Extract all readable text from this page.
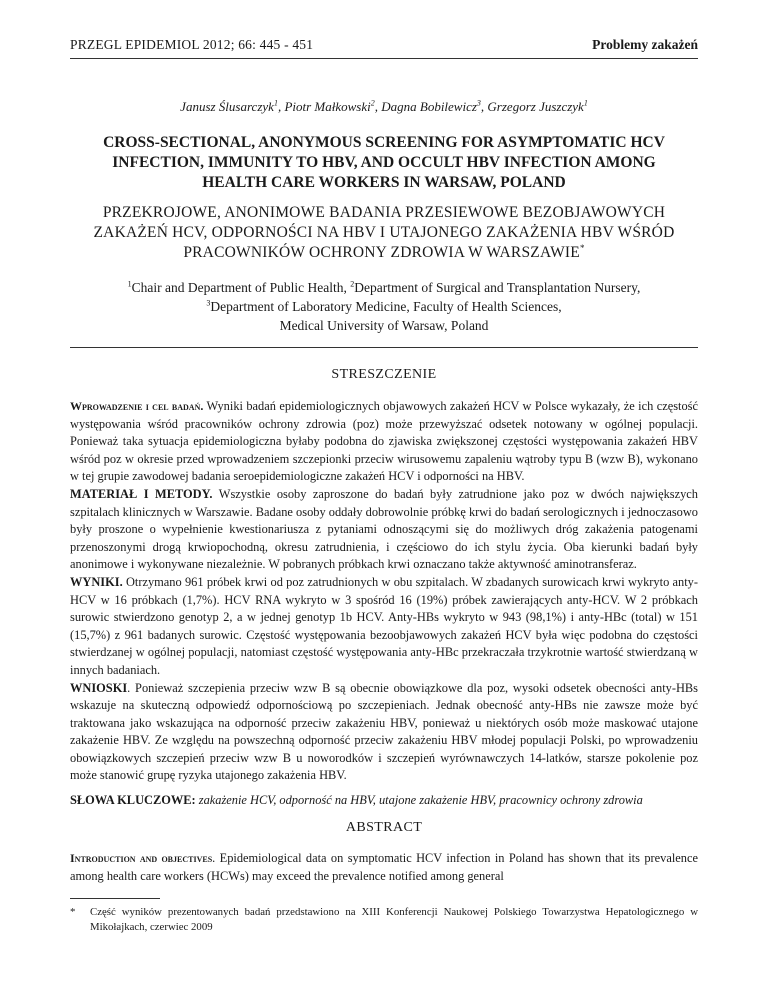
PRZEGL EPIDEMIOL 2012; 66: 445 - 451	Problemy zakażeń
Janusz Ślusarczyk$^1$, Piotr Małkowski$^2$, Dagna Bobilewicz$^3$, Grzegorz Juszczyk$^1$
CROSS-SECTIONAL, ANONYMOUS SCREENING FOR ASYMPTOMATIC HCV
INFECTION, IMMUNITY TO HBV, AND OCCULT HBV INFECTION AMONG
HEALTH CARE WORKERS IN WARSAW, POLAND
PRZEKROJOWE, ANONIMOWE BADANIA PRZESIEWOWE BEZOBJAWOWYCH
ZAKAŻEŃ HCV, ODPORNOŚCI NA HBV I UTAJONEGO ZAKAŻENIA HBV WŚRÓD
PRACOWNIKÓW OCHRONY ZDROWIA W WARSZAWIE*
$^1$Chair and Department of Public Health, $^2$Department of Surgical and Transplantation Nursery,
$^3$Department of Laboratory Medicine, Faculty of Health Sciences,
Medical University of Warsaw, Poland
STRESZCZENIE

Wprowadzenie i cel badań. Wyniki badań epidemiologicznych objawowych zakażeń HCV w Polsce wykazały, że ich częstość występowania wśród pracowników ochrony zdrowia (poz) może przewyższać odsetek notowany w ogólnej populacji. Ponieważ taka sytuacja epidemiologiczna byłaby podobna do zjawiska zwiększonej częstości występowania zakażeń HBV wśród poz w okresie przed wprowadzeniem szczepionki przeciw wirusowemu zapaleniu wątroby typu B (wzw B), wykonano w tej grupie zawodowej badania seroepidemiologiczne zakażeń HCV i odporności na HBV.

MATERIAŁ I METODY. Wszystkie osoby zaproszone do badań były zatrudnione jako poz w dwóch największych szpitalach klinicznych w Warszawie. Badane osoby oddały dobrowolnie próbkę krwi do badań serologicznych i jednoczasowo były proszone o wypełnienie kwestionariusza z pytaniami odnoszącymi się do możliwych dróg zakażenia patogenami przenoszonymi drogą krwiopochodną, okresu zatrudnienia, i częściowo do ich stylu życia. Oba kierunki badań były anonimowe i wykonywane niezależnie. W pobranych próbkach krwi oznaczano także aktywność aminotransferaz.

WYNIKI. Otrzymano 961 próbek krwi od poz zatrudnionych w obu szpitalach. W zbadanych surowicach krwi wykryto anty-HCV w 16 próbkach (1,7%). HCV RNA wykryto w 3 spośród 16 (19%) próbek zawierających anty-HCV. W 2 próbkach surowic stwierdzono genotyp 2, a w jednej genotyp 1b HCV. Anty-HBs wykryto w 943 (98,1%) i anty-HBc (total) w 151 (15,7%) z 961 badanych surowic. Częstość występowania bezoobjawowych zakażeń HCV była więc podobna do częstości stwierdzanej w ogólnej populacji, natomiast częstość występowania anty-HBc przekraczała trzykrotnie wartość stwierdzaną w innych badaniach.

WNIOSKI. Ponieważ szczepienia przeciw wzw B są obecnie obowiązkowe dla poz, wysoki odsetek obecności anty-HBs wskazuje na skuteczną odpowiedź odpornościową po szczepieniach. Jednak obecność anty-HBs nie zawsze może być traktowana jako wskazująca na odporność przeciw zakażeniu HBV, ponieważ u niektórych osób może maskować utajone zakażenie HBV. Ze względu na powszechną odporność przeciw zakażeniu HBV młodej populacji Polski, po wprowadzeniu obowiązkowych szczepień przeciw wzw B u noworodków i szczepień wyrównawczych 14-latków, starsze pokolenie poz może stanowić grupę ryzyka utajonego zakażenia HBV.

SŁOWA KLUCZOWE: zakażenie HCV, odporność na HBV, utajone zakażenie HBV, pracownicy ochrony zdrowia
ABSTRACT

Introduction and objectives. Epidemiological data on symptomatic HCV infection in Poland has shown that its prevalence among health care workers (HCWs) may exceed the prevalence notified among general

* Część wyników prezentowanych badań przedstawiono na XIII Konferencji Naukowej Polskiego Towarzystwa Hepatologicznego w Mikołajkach, czerwiec 2009
